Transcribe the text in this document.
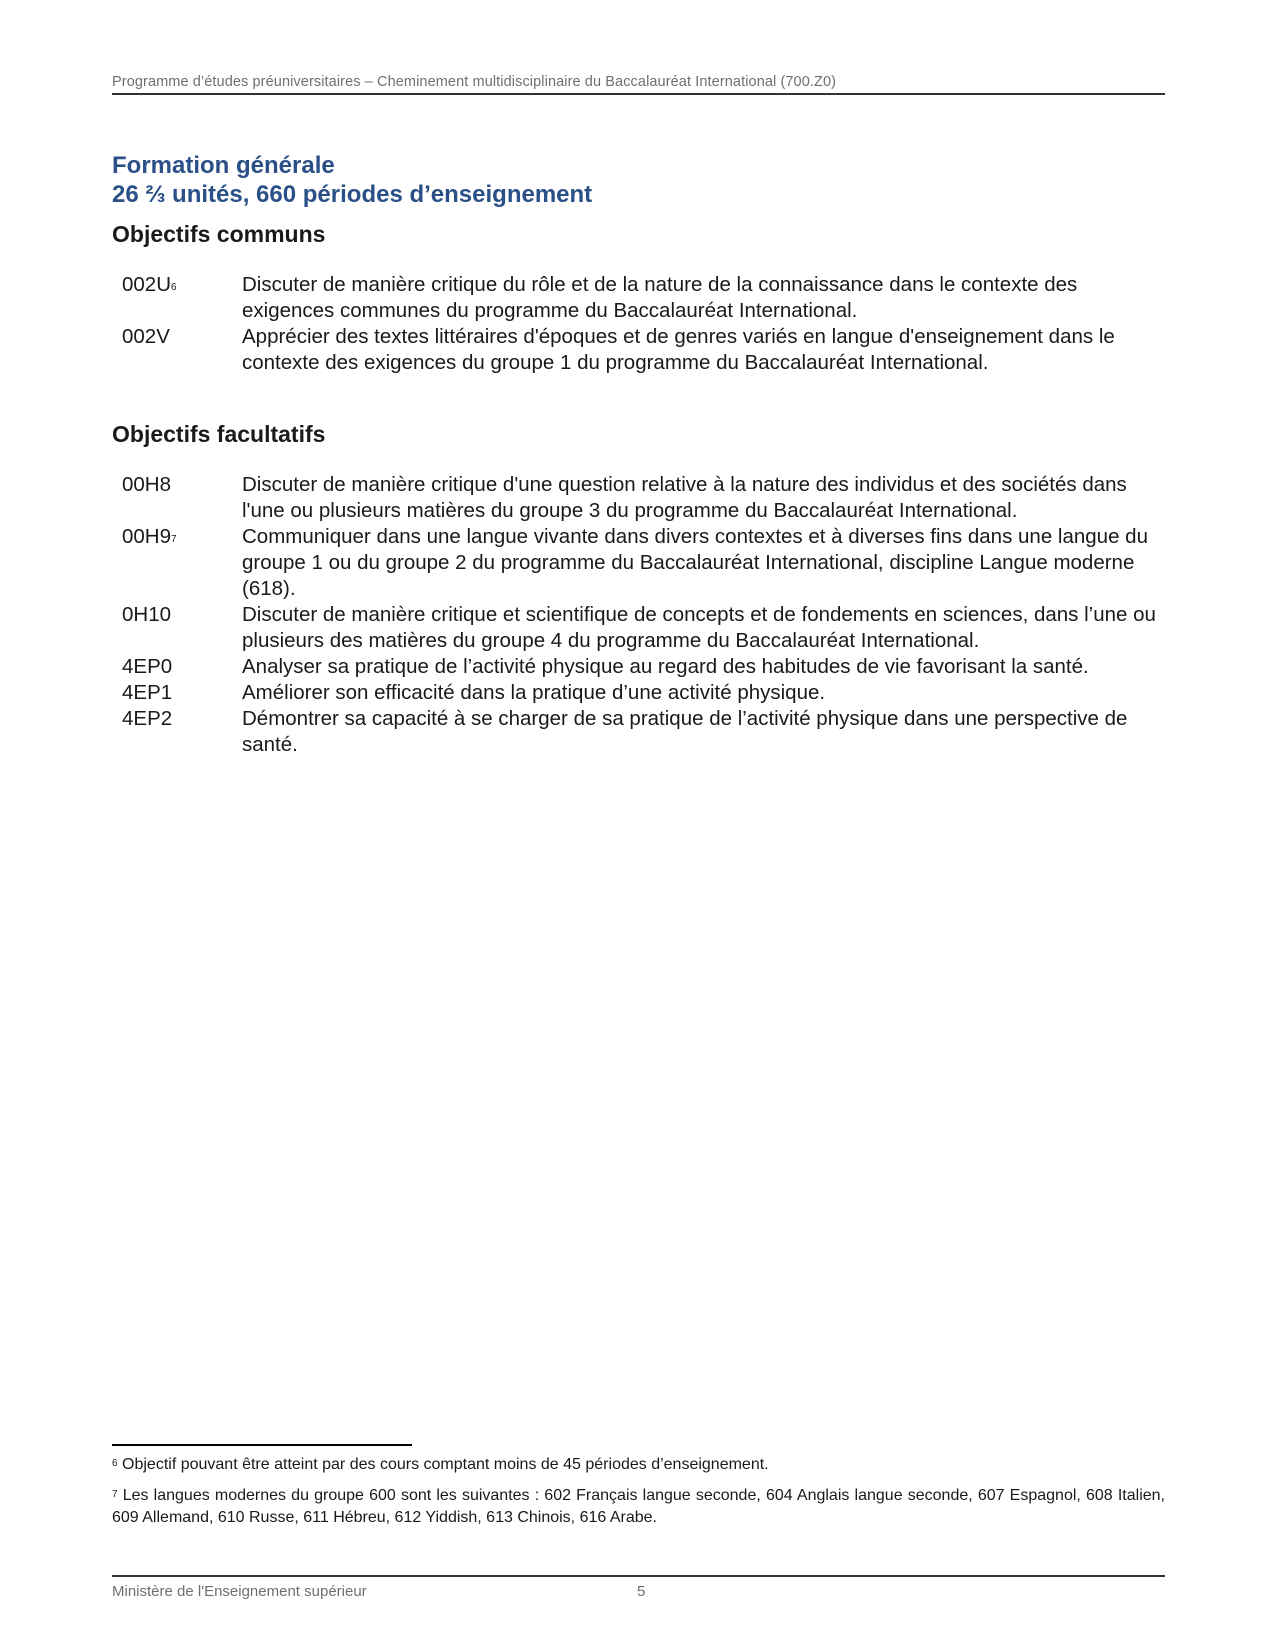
Programme d’études préuniversitaires – Cheminement multidisciplinaire du Baccalauréat International (700.Z0)
Formation générale
26 ⅔ unités, 660 périodes d’enseignement
Objectifs communs
$002U^6$	Discuter de manière critique du rôle et de la nature de la connaissance dans le contexte des exigences communes du programme du Baccalauréat International.
002V	Apprécier des textes littéraires d'époques et de genres variés en langue d'enseignement dans le contexte des exigences du groupe 1 du programme du Baccalauréat International.
Objectifs facultatifs
00H8	Discuter de manière critique d'une question relative à la nature des individus et des sociétés dans l'une ou plusieurs matières du groupe 3 du programme du Baccalauréat International.
$00H9^7$	Communiquer dans une langue vivante dans divers contextes et à diverses fins dans une langue du groupe 1 ou du groupe 2 du programme du Baccalauréat International, discipline Langue moderne (618).
0H10	Discuter de manière critique et scientifique de concepts et de fondements en sciences, dans l’une ou plusieurs des matières du groupe 4 du programme du Baccalauréat International.
4EP0	Analyser sa pratique de l’activité physique au regard des habitudes de vie favorisant la santé.
4EP1	Améliorer son efficacité dans la pratique d’une activité physique.
4EP2	Démontrer sa capacité à se charger de sa pratique de l’activité physique dans une perspective de santé.
$^6$ Objectif pouvant être atteint par des cours comptant moins de 45 périodes d’enseignement.
$^7$ Les langues modernes du groupe 600 sont les suivantes : 602 Français langue seconde, 604 Anglais langue seconde, 607 Espagnol, 608 Italien, 609 Allemand, 610 Russe, 611 Hébreu, 612 Yiddish, 613 Chinois, 616 Arabe.
Ministère de l'Enseignement supérieur	5
